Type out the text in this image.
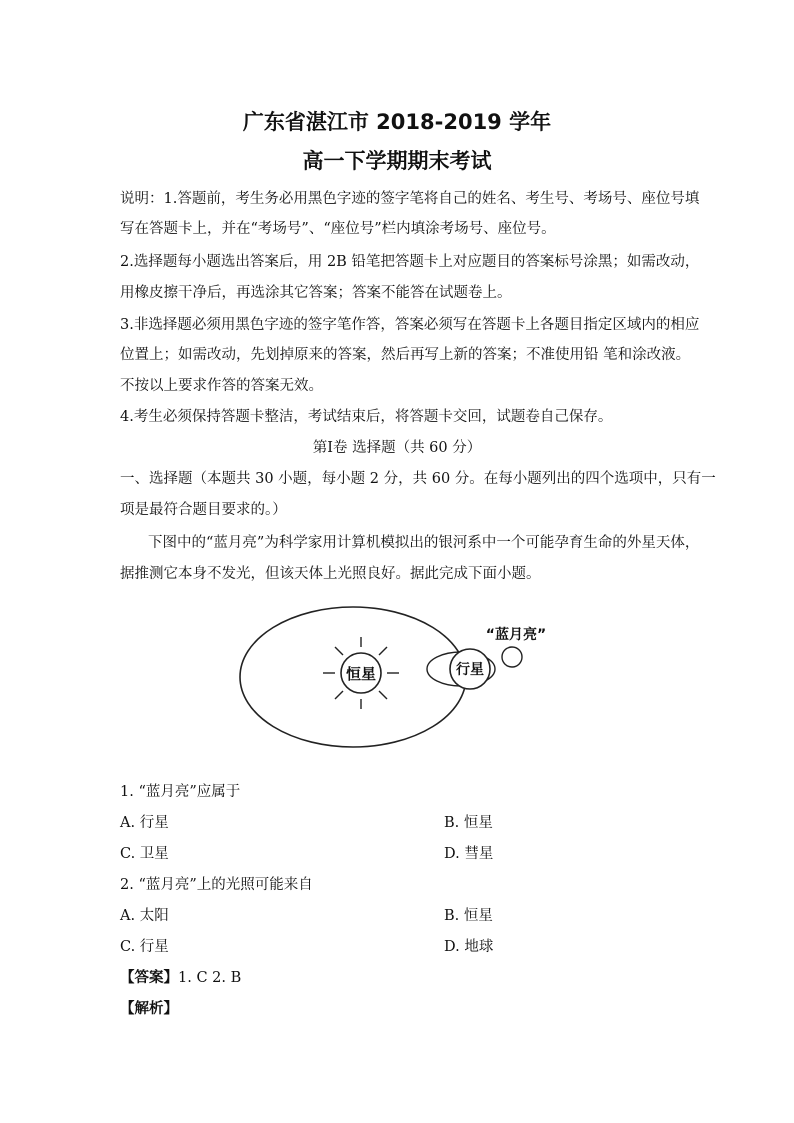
广东省湛江市 2018-2019 学年
高一下学期期末考试
说明：1.答题前，考生务必用黑色字迹的签字笔将自己的姓名、考生号、考场号、座位号填
写在答题卡上，并在“考场号”、“座位号”栏内填涂考场号、座位号。
2.选择题每小题选出答案后，用 2B 铅笔把答题卡上对应题目的答案标号涂黑；如需改动，
用橡皮擦干净后，再选涂其它答案；答案不能答在试题卷上。
3.非选择题必须用黑色字迹的签字笔作答，答案必须写在答题卡上各题目指定区域内的相应
位置上；如需改动，先划掉原来的答案，然后再写上新的答案；不准使用铅 笔和涂改液。
不按以上要求作答的答案无效。
4.考生必须保持答题卡整洁，考试结束后，将答题卡交回，试题卷自己保存。
第Ⅰ卷 选择题（共 60 分）
一、选择题（本题共 30 小题，每小题 2 分，共 60 分。在每小题列出的四个选项中，只有一
项是最符合题目要求的。）
下图中的“蓝月亮”为科学家用计算机模拟出的银河系中一个可能孕育生命的外星天体，
据推测它本身不发光，但该天体上光照良好。据此完成下面小题。
恒星	行星
“蓝月亮”
1. “蓝月亮”应属于
A. 行星	B. 恒星
C. 卫星	D. 彗星
2. “蓝月亮”上的光照可能来自
A. 太阳	B. 恒星
C. 行星	D. 地球
【答案】1. C 2. B
【解析】
